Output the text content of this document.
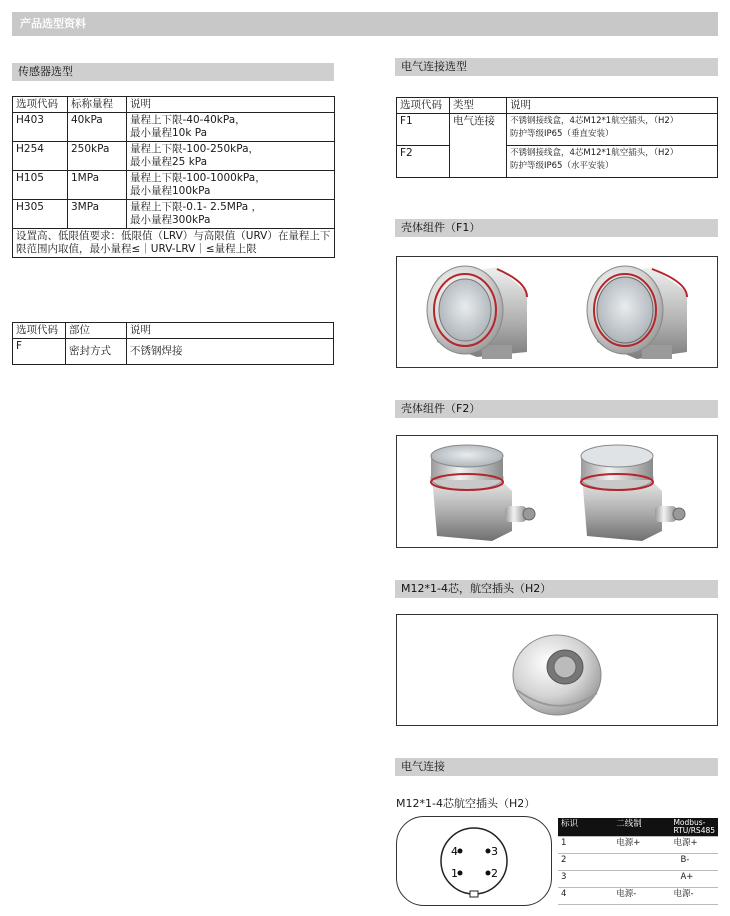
产品选型资料
传感器选型
选项代码	标称量程	说明
H403	40kPa	量程上下限-40-40kPa，
最小量程10k Pa

H254	250kPa	量程上下限-100-250kPa，
最小量程25 kPa

H105	1MPa	量程上下限-100-1000kPa，
最小量程100kPa

H305	3MPa	量程上下限-0.1- 2.5MPa ，
最小量程300kPa

设置高、低限值要求：低限值（LRV）与高限值（URV）在量程上下限范围内取值，最小量程≤｜URV-LRV｜≤量程上限		
选项代码	部位	说明
F	密封方式	不锈钢焊接
电气连接选型
选项代码	类型	说明
F1	电气连接	不锈钢接线盒，4芯M12*1航空插头，（H2）
防护等级IP65（垂直安装）

F2		不锈钢接线盒，4芯M12*1航空插头，（H2）
防护等级IP65（水平安装）
壳体组件（F1）
壳体组件（F2）
M12*1-4芯，航空插头（H2）
电气连接
M12*1-4芯航空插头（H2）
4	3
1	2
标识	二线制	Modbus-RTU/RS485
1	电源+	电源+
2		B-
3		A+
4	电源-	电源-
